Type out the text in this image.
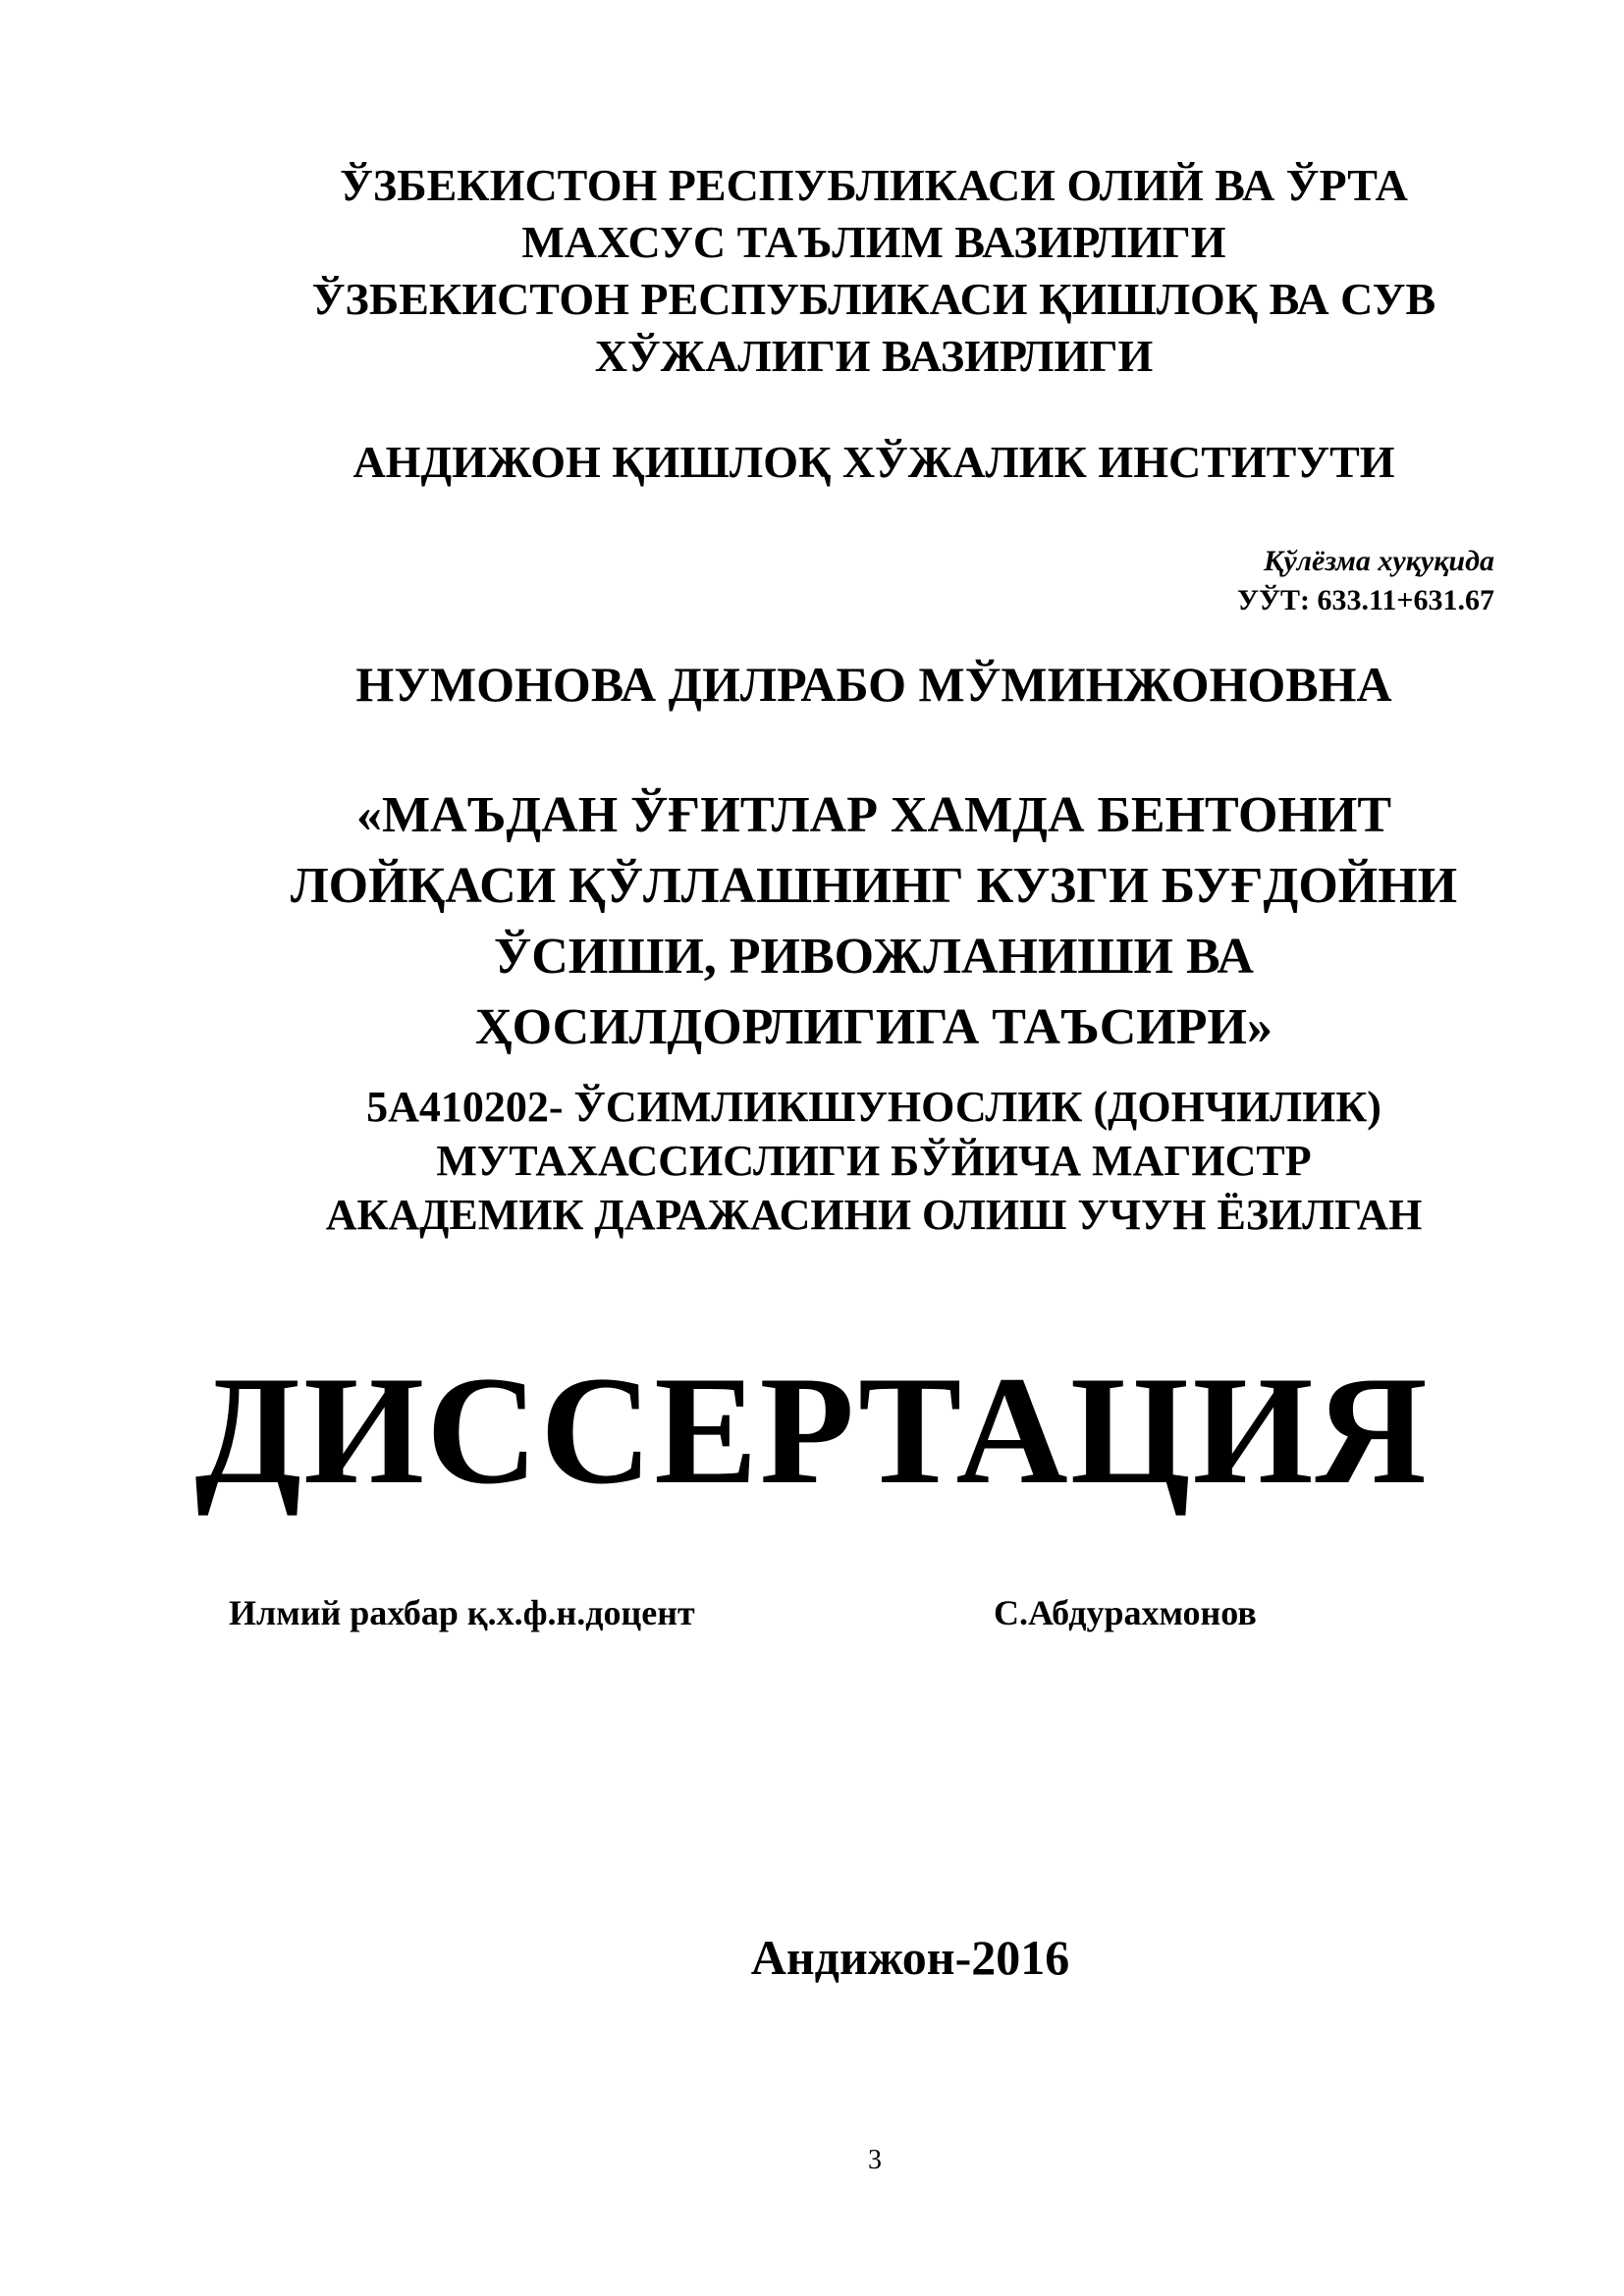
ЎЗБЕКИСТОН РЕСПУБЛИКАСИ ОЛИЙ ВА ЎРТА
МАХСУС ТАЪЛИМ ВАЗИРЛИГИ
ЎЗБЕКИСТОН РЕСПУБЛИКАСИ ҚИШЛОҚ ВА СУВ
ХЎЖАЛИГИ ВАЗИРЛИГИ
АНДИЖОН ҚИШЛОҚ ХЎЖАЛИК ИНСТИТУТИ
Қўлёзма хуқуқида
УЎТ: 633.11+631.67
НУМОНОВА ДИЛРАБО МЎМИНЖОНОВНА
«МАЪДАН ЎҒИТЛАР ХАМДА БЕНТОНИТ
ЛОЙҚАСИ ҚЎЛЛАШНИНГ КУЗГИ БУҒДОЙНИ
ЎСИШИ, РИВОЖЛАНИШИ ВА
ҲОСИЛДОРЛИГИГА ТАЪСИРИ»
5А410202- ЎСИМЛИКШУНОСЛИК (ДОНЧИЛИК)
МУТАХАССИСЛИГИ БЎЙИЧА МАГИСТР
АКАДЕМИК ДАРАЖАСИНИ ОЛИШ УЧУН ЁЗИЛГАН
ДИССЕРТАЦИЯ
Илмий рахбар қ.х.ф.н.доцент	С.Абдурахмонов
Андижон-2016
3
